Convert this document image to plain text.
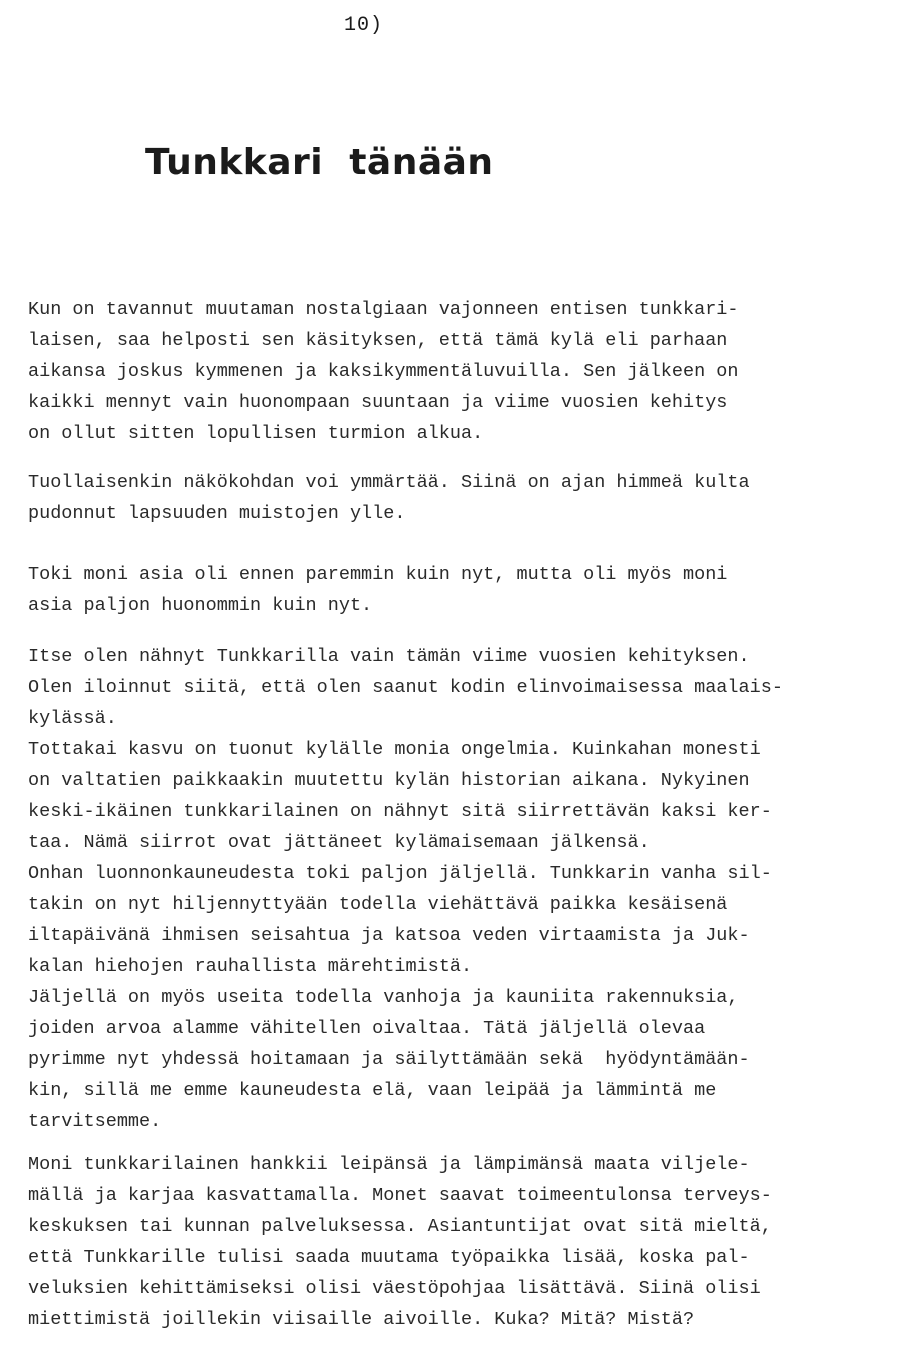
10)
Tunkkari  tänään
Kun on tavannut muutaman nostalgiaan vajonneen entisen tunkkari-
laisen, saa helposti sen käsityksen, että tämä kylä eli parhaan
aikansa joskus kymmenen ja kaksikymmentäluvuilla. Sen jälkeen on
kaikki mennyt vain huonompaan suuntaan ja viime vuosien kehitys
on ollut sitten lopullisen turmion alkua.
Tuollaisenkin näkökohdan voi ymmärtää. Siinä on ajan himmeä kulta
pudonnut lapsuuden muistojen ylle.
Toki moni asia oli ennen paremmin kuin nyt, mutta oli myös moni
asia paljon huonommin kuin nyt.
Itse olen nähnyt Tunkkarilla vain tämän viime vuosien kehityksen.
Olen iloinnut siitä, että olen saanut kodin elinvoimaisessa maalais-
kylässä.
Tottakai kasvu on tuonut kylälle monia ongelmia. Kuinkahan monesti
on valtatien paikkaakin muutettu kylän historian aikana. Nykyinen
keski-ikäinen tunkkarilainen on nähnyt sitä siirrettävän kaksi ker-
taa. Nämä siirrot ovat jättäneet kylämaisemaan jälkensä.
Onhan luonnonkauneudesta toki paljon jäljellä. Tunkkarin vanha sil-
takin on nyt hiljennyttyään todella viehättävä paikka kesäisenä
iltapäivänä ihmisen seisahtua ja katsoa veden virtaamista ja Juk-
kalan hiehojen rauhallista märehtimistä.
Jäljellä on myös useita todella vanhoja ja kauniita rakennuksia,
joiden arvoa alamme vähitellen oivaltaa. Tätä jäljellä olevaa
pyrimme nyt yhdessä hoitamaan ja säilyttämään sekä  hyödyntämään-
kin, sillä me emme kauneudesta elä, vaan leipää ja lämmintä me
tarvitsemme.
Moni tunkkarilainen hankkii leipänsä ja lämpimänsä maata viljele-
mällä ja karjaa kasvattamalla. Monet saavat toimeentulonsa terveys-
keskuksen tai kunnan palveluksessa. Asiantuntijat ovat sitä mieltä,
että Tunkkarille tulisi saada muutama työpaikka lisää, koska pal-
veluksien kehittämiseksi olisi väestöpohjaa lisättävä. Siinä olisi
miettimistä joillekin viisaille aivoille. Kuka? Mitä? Mistä?
